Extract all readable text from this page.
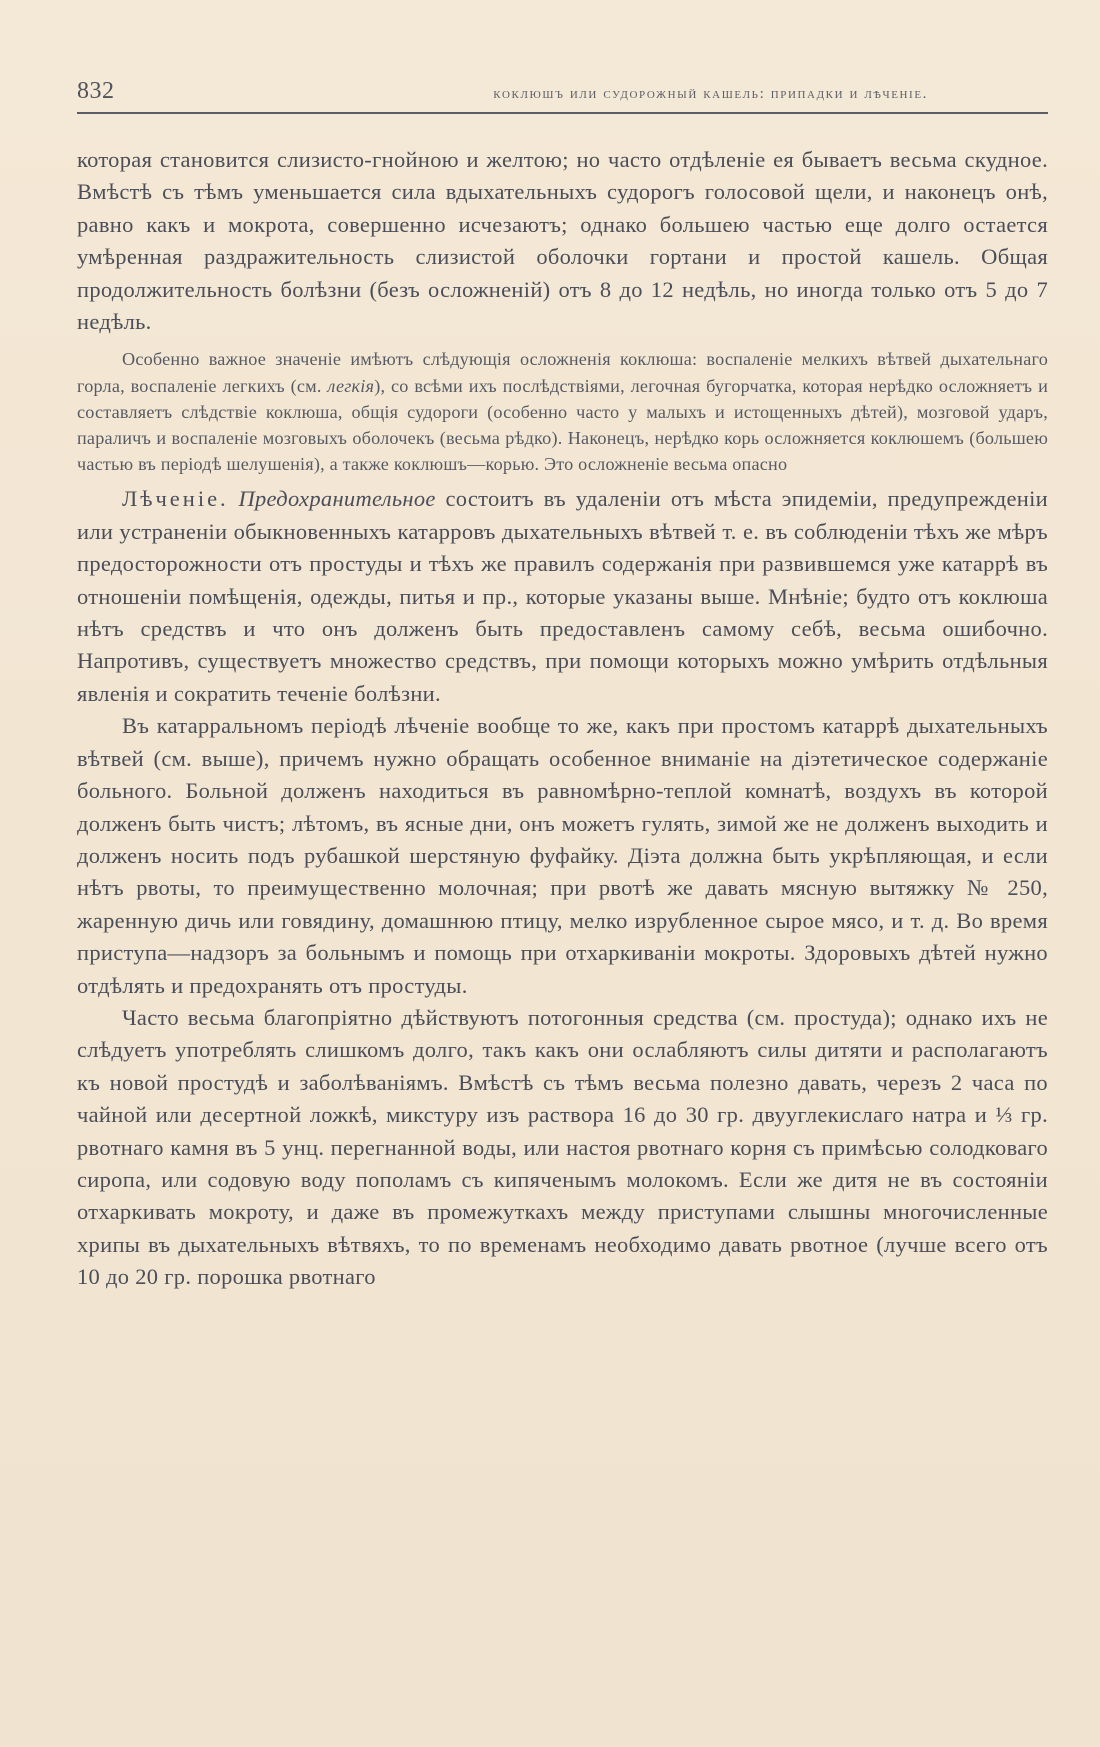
832	коклюшъ или судорожный кашель: припадки и лѣченіе.

которая становится слизисто-гнойною и желтою; но часто отдѣленіе ея бываетъ весьма скудное. Вмѣстѣ съ тѣмъ уменьшается сила вдыхательныхъ судорогъ голосовой щели, и наконецъ онѣ, равно какъ и мокрота, совершенно исчезаютъ; однако большею частью еще долго остается умѣренная раздражительность слизистой оболочки гортани и простой кашель. Общая продолжительность болѣзни (безъ осложненій) отъ 8 до 12 недѣль, но иногда только отъ 5 до 7 недѣль.

Особенно важное значеніе имѣютъ слѣдующія осложненія коклюша: воспаленіе мелкихъ вѣтвей дыхательнаго горла, воспаленіе легкихъ (см. легкія), со всѣми ихъ послѣдствіями, легочная бугорчатка, которая нерѣдко осложняетъ и составляетъ слѣдствіе коклюша, общія судороги (особенно часто у малыхъ и истощенныхъ дѣтей), мозговой ударъ, параличъ и воспаленіе мозговыхъ оболочекъ (весьма рѣдко). Наконецъ, нерѣдко корь осложняется коклюшемъ (большею частью въ періодѣ шелушенія), а также коклюшъ—корью. Это осложненіе весьма опасно

Лѣченіе. Предохранительное состоитъ въ удаленіи отъ мѣста эпидеміи, предупрежденіи или устраненіи обыкновенныхъ катарровъ дыхательныхъ вѣтвей т. е. въ соблюденіи тѣхъ же мѣръ предосторожности отъ простуды и тѣхъ же правилъ содержанія при развившемся уже катаррѣ въ отношеніи помѣщенія, одежды, питья и пр., которые указаны выше. Мнѣніе; будто отъ коклюша нѣтъ средствъ и что онъ долженъ быть предоставленъ самому себѣ, весьма ошибочно. Напротивъ, существуетъ множество средствъ, при помощи которыхъ можно умѣрить отдѣльныя явленія и сократить теченіе болѣзни.

Въ катарральномъ періодѣ лѣченіе вообще то же, какъ при простомъ катаррѣ дыхательныхъ вѣтвей (см. выше), причемъ нужно обращать особенное вниманіе на діэтетическое содержаніе больного. Больной долженъ находиться въ равномѣрно-теплой комнатѣ, воздухъ въ которой долженъ быть чистъ; лѣтомъ, въ ясные дни, онъ можетъ гулять, зимой же не долженъ выходить и долженъ носить подъ рубашкой шерстяную фуфайку. Діэта должна быть укрѣпляющая, и если нѣтъ рвоты, то преимущественно молочная; при рвотѣ же давать мясную вытяжку № 250, жаренную дичь или говядину, домашнюю птицу, мелко изрубленное сырое мясо, и т. д. Во время приступа—надзоръ за больнымъ и помощь при отхаркиваніи мокроты. Здоровыхъ дѣтей нужно отдѣлять и предохранять отъ простуды.

Часто весьма благопріятно дѣйствуютъ потогонныя средства (см. простуда); однако ихъ не слѣдуетъ употреблять слишкомъ долго, такъ какъ они ослабляютъ силы дитяти и располагаютъ къ новой простудѣ и заболѣваніямъ. Вмѣстѣ съ тѣмъ весьма полезно давать, черезъ 2 часа по чайной или десертной ложкѣ, микстуру изъ раствора 16 до 30 гр. двууглекислаго натра и ⅓ гр. рвотнаго камня въ 5 унц. перегнанной воды, или настоя рвотнаго корня съ примѣсью солодковаго сиропа, или содовую воду пополамъ съ кипяченымъ молокомъ. Если же дитя не въ состояніи отхаркивать мокроту, и даже въ промежуткахъ между приступами слышны многочисленные хрипы въ дыхательныхъ вѣтвяхъ, то по временамъ необходимо давать рвотное (лучше всего отъ 10 до 20 гр. порошка рвотнаго
